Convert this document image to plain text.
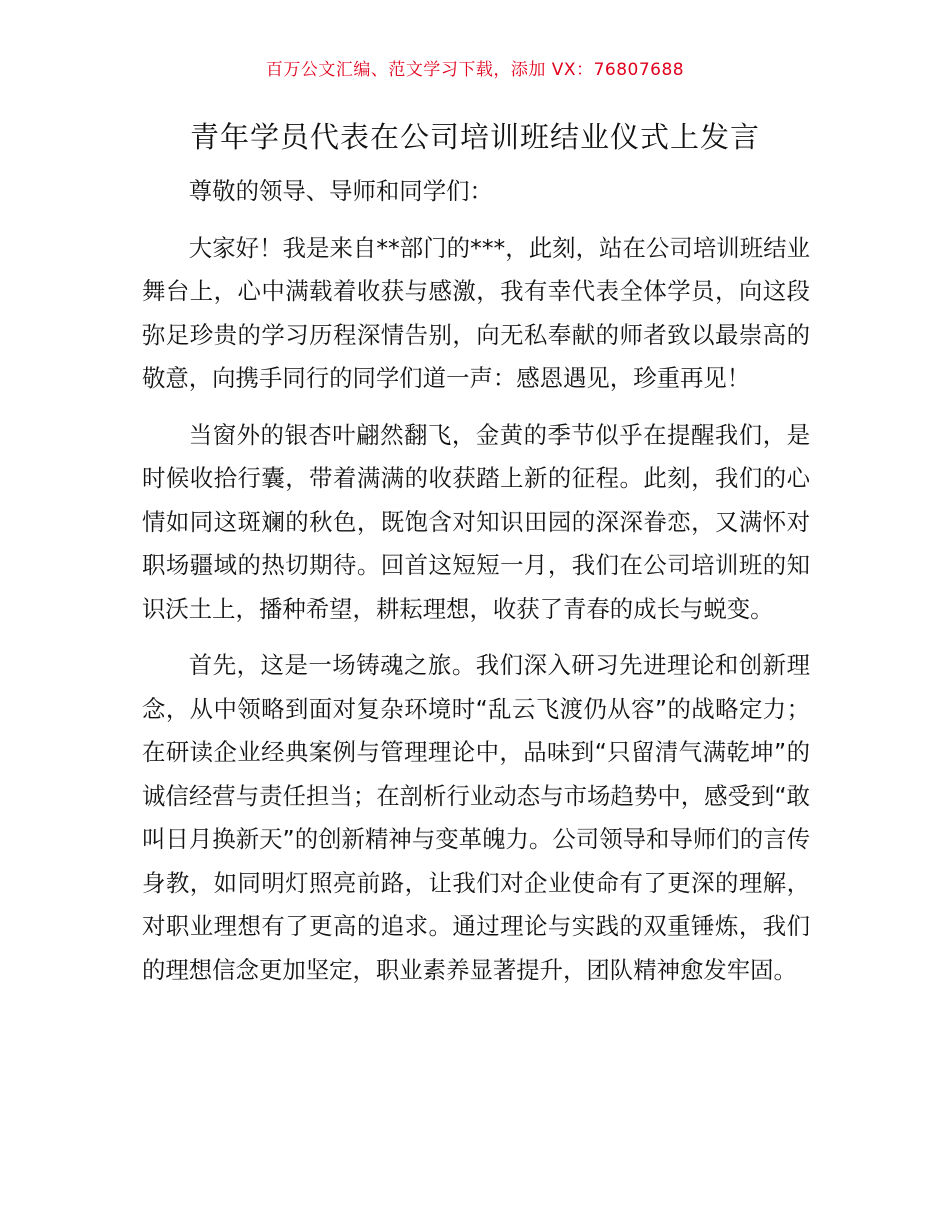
百万公文汇编、范文学习下载，添加 VX：76807688
青年学员代表在公司培训班结业仪式上发言

尊敬的领导、导师和同学们：

大家好！我是来自**部门的***，此刻，站在公司培训班结业舞台上，心中满载着收获与感激，我有幸代表全体学员，向这段弥足珍贵的学习历程深情告别，向无私奉献的师者致以最崇高的敬意，向携手同行的同学们道一声：感恩遇见，珍重再见！

当窗外的银杏叶翩然翻飞，金黄的季节似乎在提醒我们，是时候收拾行囊，带着满满的收获踏上新的征程。此刻，我们的心情如同这斑斓的秋色，既饱含对知识田园的深深眷恋，又满怀对职场疆域的热切期待。回首这短短一月，我们在公司培训班的知识沃土上，播种希望，耕耘理想，收获了青春的成长与蜕变。

首先，这是一场铸魂之旅。我们深入研习先进理论和创新理念，从中领略到面对复杂环境时“乱云飞渡仍从容”的战略定力；在研读企业经典案例与管理理论中，品味到“只留清气满乾坤”的诚信经营与责任担当；在剖析行业动态与市场趋势中，感受到“敢叫日月换新天”的创新精神与变革魄力。公司领导和导师们的言传身教，如同明灯照亮前路，让我们对企业使命有了更深的理解，对职业理想有了更高的追求。通过理论与实践的双重锤炼，我们的理想信念更加坚定，职业素养显著提升，团队精神愈发牢固。
